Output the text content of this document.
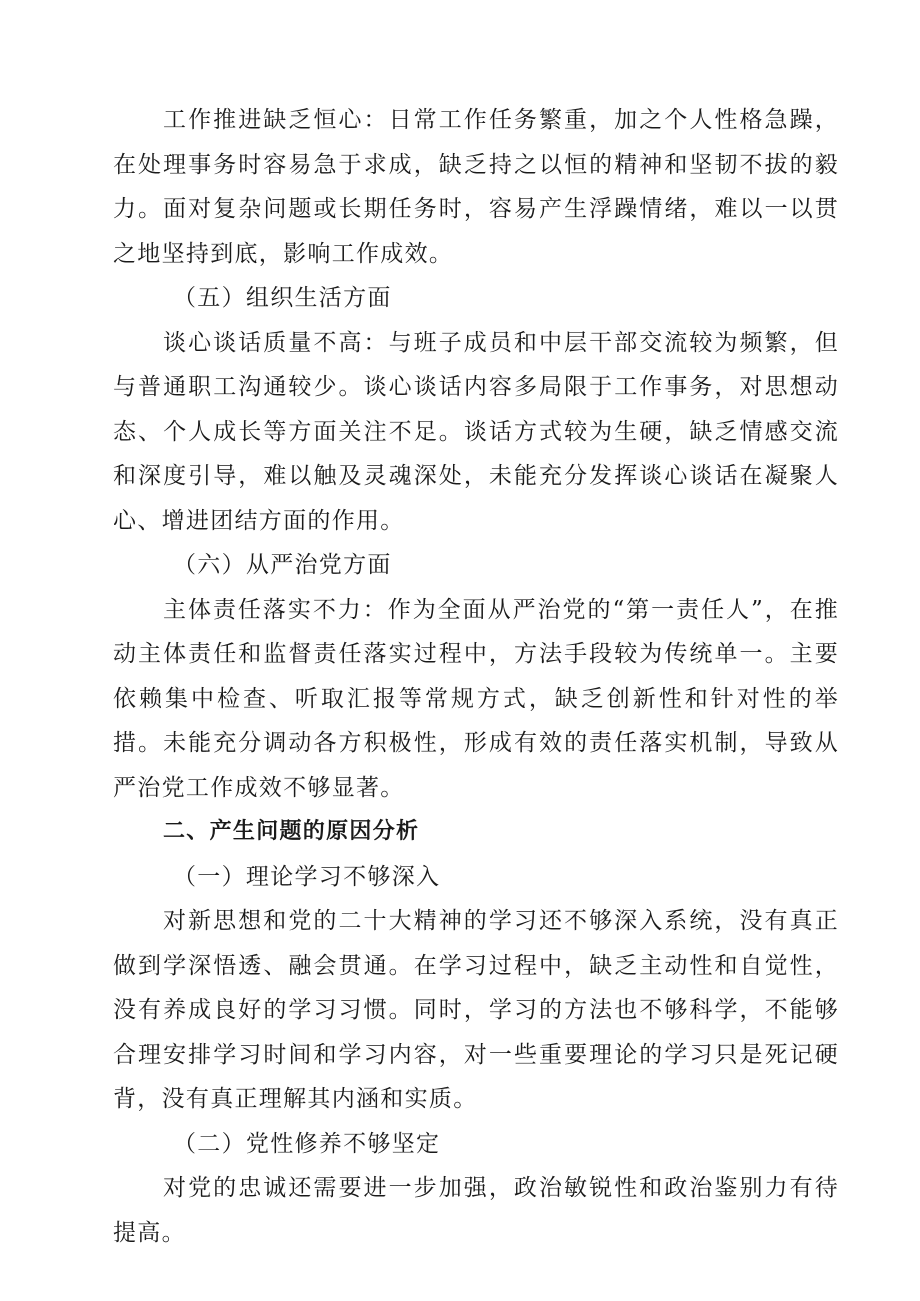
工作推进缺乏恒心：日常工作任务繁重，加之个人性格急躁，在处理事务时容易急于求成，缺乏持之以恒的精神和坚韧不拔的毅力。面对复杂问题或长期任务时，容易产生浮躁情绪，难以一以贯之地坚持到底，影响工作成效。

（五）组织生活方面

谈心谈话质量不高：与班子成员和中层干部交流较为频繁，但与普通职工沟通较少。谈心谈话内容多局限于工作事务，对思想动态、个人成长等方面关注不足。谈话方式较为生硬，缺乏情感交流和深度引导，难以触及灵魂深处，未能充分发挥谈心谈话在凝聚人心、增进团结方面的作用。

（六）从严治党方面

主体责任落实不力：作为全面从严治党的“第一责任人”，在推动主体责任和监督责任落实过程中，方法手段较为传统单一。主要依赖集中检查、听取汇报等常规方式，缺乏创新性和针对性的举措。未能充分调动各方积极性，形成有效的责任落实机制，导致从严治党工作成效不够显著。

二、产生问题的原因分析

（一）理论学习不够深入

对新思想和党的二十大精神的学习还不够深入系统，没有真正做到学深悟透、融会贯通。在学习过程中，缺乏主动性和自觉性，没有养成良好的学习习惯。同时，学习的方法也不够科学，不能够合理安排学习时间和学习内容，对一些重要理论的学习只是死记硬背，没有真正理解其内涵和实质。

（二）党性修养不够坚定

对党的忠诚还需要进一步加强，政治敏锐性和政治鉴别力有待提高。
